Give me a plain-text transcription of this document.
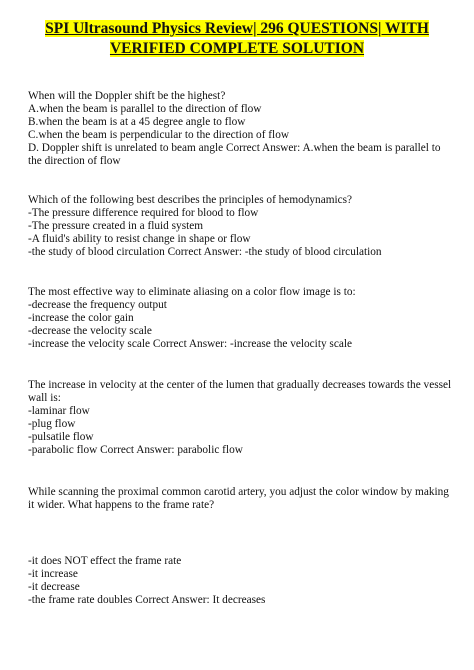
SPI Ultrasound Physics Review| 296 QUESTIONS| WITH
VERIFIED COMPLETE SOLUTION
When will the Doppler shift be the highest?
A.when the beam is parallel to the direction of flow
B.when the beam is at a 45 degree angle to flow
C.when the beam is perpendicular to the direction of flow
D. Doppler shift is unrelated to beam angle Correct Answer: A.when the beam is parallel to the direction of flow
Which of the following best describes the principles of hemodynamics?
-The pressure difference required for blood to flow
-The pressure created in a fluid system
-A fluid's ability to resist change in shape or flow
-the study of blood circulation Correct Answer: -the study of blood circulation
The most effective way to eliminate aliasing on a color flow image is to:
-decrease the frequency output
-increase the color gain
-decrease the velocity scale
-increase the velocity scale Correct Answer: -increase the velocity scale
The increase in velocity at the center of the lumen that gradually decreases towards the vessel wall is:
-laminar flow
-plug flow
-pulsatile flow
-parabolic flow Correct Answer: parabolic flow
While scanning the proximal common carotid artery, you adjust the color window by making it wider. What happens to the frame rate?
-it does NOT effect the frame rate
-it increase
-it decrease
-the frame rate doubles Correct Answer: It decreases
